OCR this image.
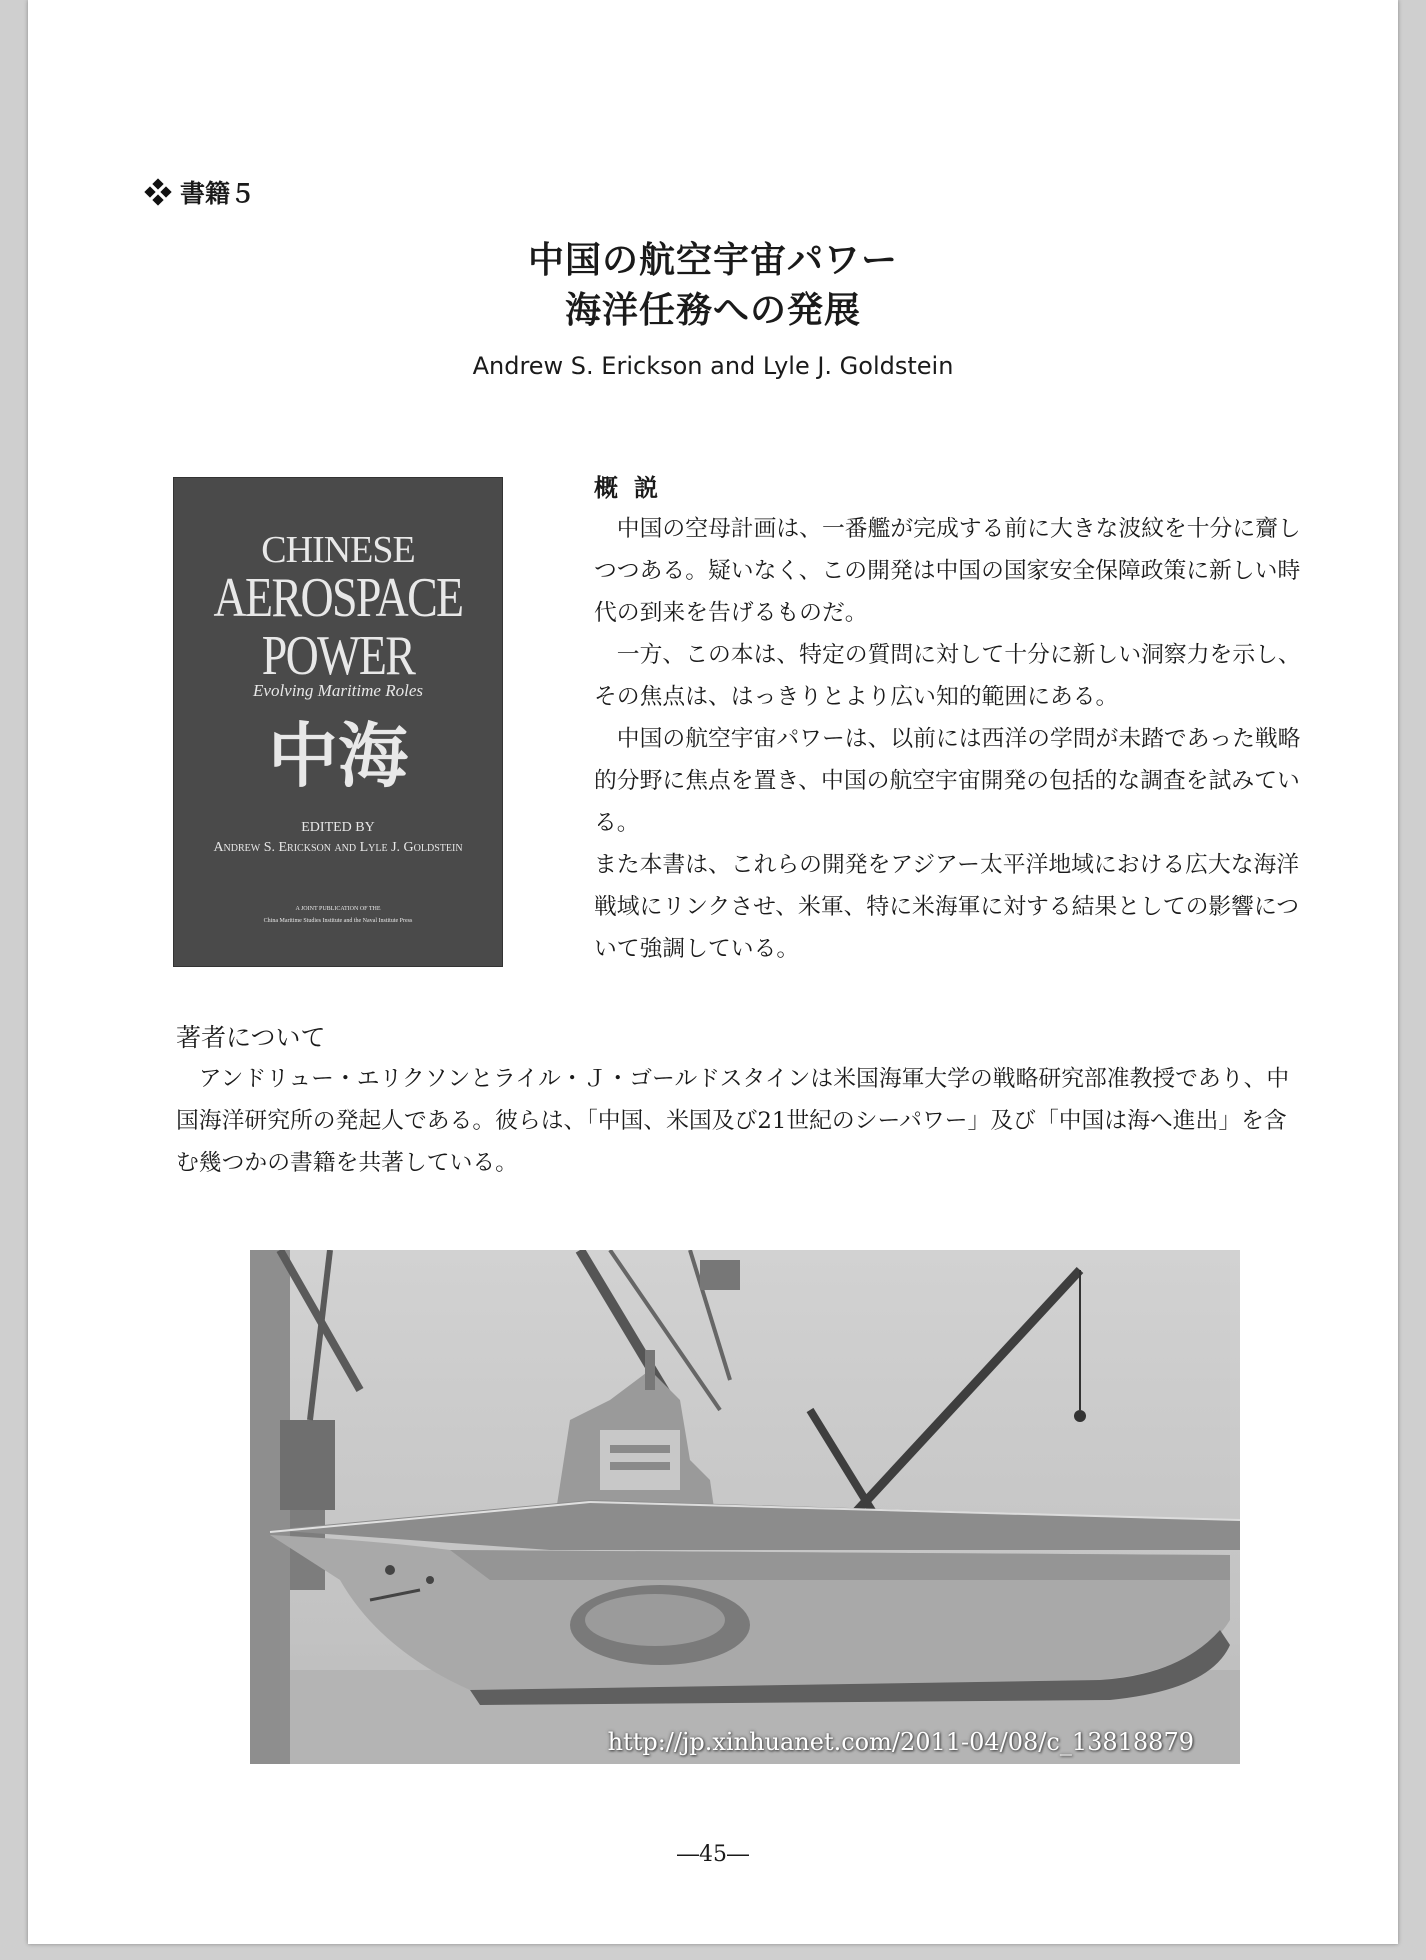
書籍５
中国の航空宇宙パワー
海洋任務への発展
Andrew S. Erickson and Lyle J. Goldstein
CHINESE
AEROSPACE
POWER
Evolving Maritime Roles
中海
EDITED BY
Andrew S. Erickson and Lyle J. Goldstein
A JOINT PUBLICATION OF THE
China Maritime Studies Institute and the Naval Institute Press
概説

中国の空母計画は、一番艦が完成する前に大きな波紋を十分に齎しつつある。疑いなく、この開発は中国の国家安全保障政策に新しい時代の到来を告げるものだ。

一方、この本は、特定の質問に対して十分に新しい洞察力を示し、その焦点は、はっきりとより広い知的範囲にある。

中国の航空宇宙パワーは、以前には西洋の学問が未踏であった戦略的分野に焦点を置き、中国の航空宇宙開発の包括的な調査を試みている。

また本書は、これらの開発をアジアー太平洋地域における広大な海洋戦域にリンクさせ、米軍、特に米海軍に対する結果としての影響について強調している。

著者について

アンドリュー・エリクソンとライル・Ｊ・ゴールドスタインは米国海軍大学の戦略研究部准教授であり、中国海洋研究所の発起人である。彼らは、「中国、米国及び21世紀のシーパワー」及び「中国は海へ進出」を含む幾つかの書籍を共著している。

http://jp.xinhuanet.com/2011-04/08/c_13818879
―45―
